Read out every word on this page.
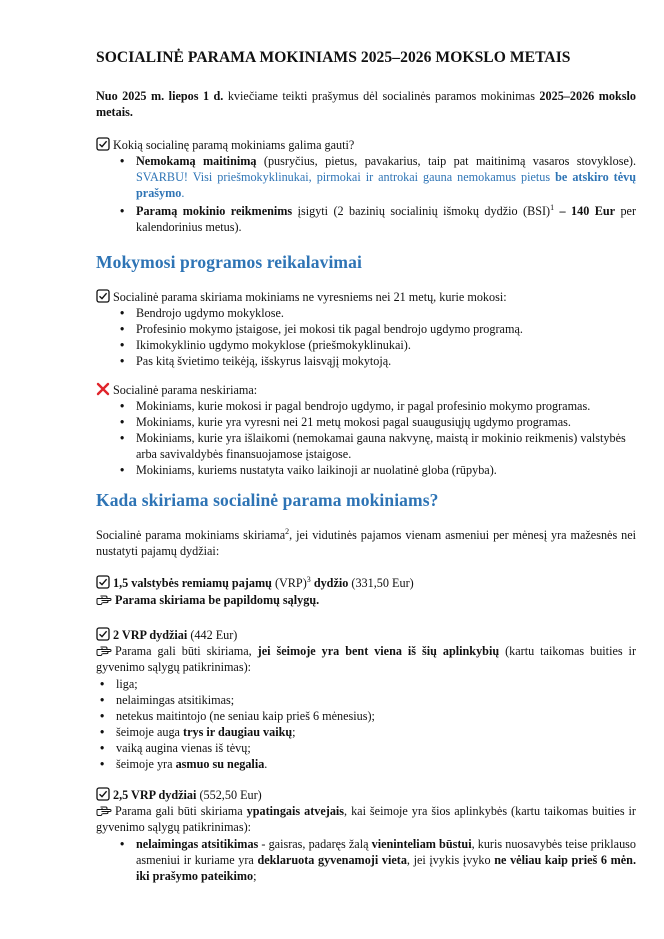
SOCIALINĖ PARAMA MOKINIAMS 2025–2026 MOKSLO METAIS
Nuo 2025 m. liepos 1 d. kviečiame teikti prašymus dėl socialinės paramos mokinimas 2025–2026 mokslo metais.
Kokią socialinę paramą mokiniams galima gauti?
• Nemokamą maitinimą (pusryčius, pietus, pavakarius, taip pat maitinimą vasaros stovyklose). SVARBU! Visi priešmokyklinukai, pirmokai ir antrokai gauna nemokamus pietus be atskiro tėvų prašymo.
• Paramą mokinio reikmenims įsigyti (2 bazinių socialinių išmokų dydžio (BSI)$^1$ – 140 Eur per kalendorinius metus).
Mokymosi programos reikalavimai
Socialinė parama skiriama mokiniams ne vyresniems nei 21 metų, kurie mokosi:
• Bendrojo ugdymo mokyklose.
• Profesinio mokymo įstaigose, jei mokosi tik pagal bendrojo ugdymo programą.
• Ikimokyklinio ugdymo mokyklose (priešmokyklinukai).
• Pas kitą švietimo teikėją, išskyrus laisvąjį mokytoją.
Socialinė parama neskiriama:
• Mokiniams, kurie mokosi ir pagal bendrojo ugdymo, ir pagal profesinio mokymo programas.
• Mokiniams, kurie yra vyresni nei 21 metų mokosi pagal suaugusiųjų ugdymo programas.
• Mokiniams, kurie yra išlaikomi (nemokamai gauna nakvynę, maistą ir mokinio reikmenis) valstybės arba savivaldybės finansuojamose įstaigose.
• Mokiniams, kuriems nustatyta vaiko laikinoji ar nuolatinė globa (rūpyba).
Kada skiriama socialinė parama mokiniams?
Socialinė parama mokiniams skiriama$^2$, jei vidutinės pajamos vienam asmeniui per mėnesį yra mažesnės nei nustatyti pajamų dydžiai:
1,5 valstybės remiamų pajamų (VRP)$^3$ dydžio (331,50 Eur)
Parama skiriama be papildomų sąlygų.
2 VRP dydžiai (442 Eur)
Parama gali būti skiriama, jei šeimoje yra bent viena iš šių aplinkybių (kartu taikomas buities ir gyvenimo sąlygų patikrinimas):
• liga;
• nelaimingas atsitikimas;
• netekus maitintojo (ne seniau kaip prieš 6 mėnesius);
• šeimoje auga trys ir daugiau vaikų;
• vaiką augina vienas iš tėvų;
• šeimoje yra asmuo su negalia.
2,5 VRP dydžiai (552,50 Eur)
Parama gali būti skiriama ypatingais atvejais, kai šeimoje yra šios aplinkybės (kartu taikomas buities ir gyvenimo sąlygų patikrinimas):
• nelaimingas atsitikimas - gaisras, padaręs žalą vieninteliam būstui, kuris nuosavybės teise priklauso asmeniui ir kuriame yra deklaruota gyvenamoji vieta, jei įvykis įvyko ne vėliau kaip prieš 6 mėn. iki prašymo pateikimo;
